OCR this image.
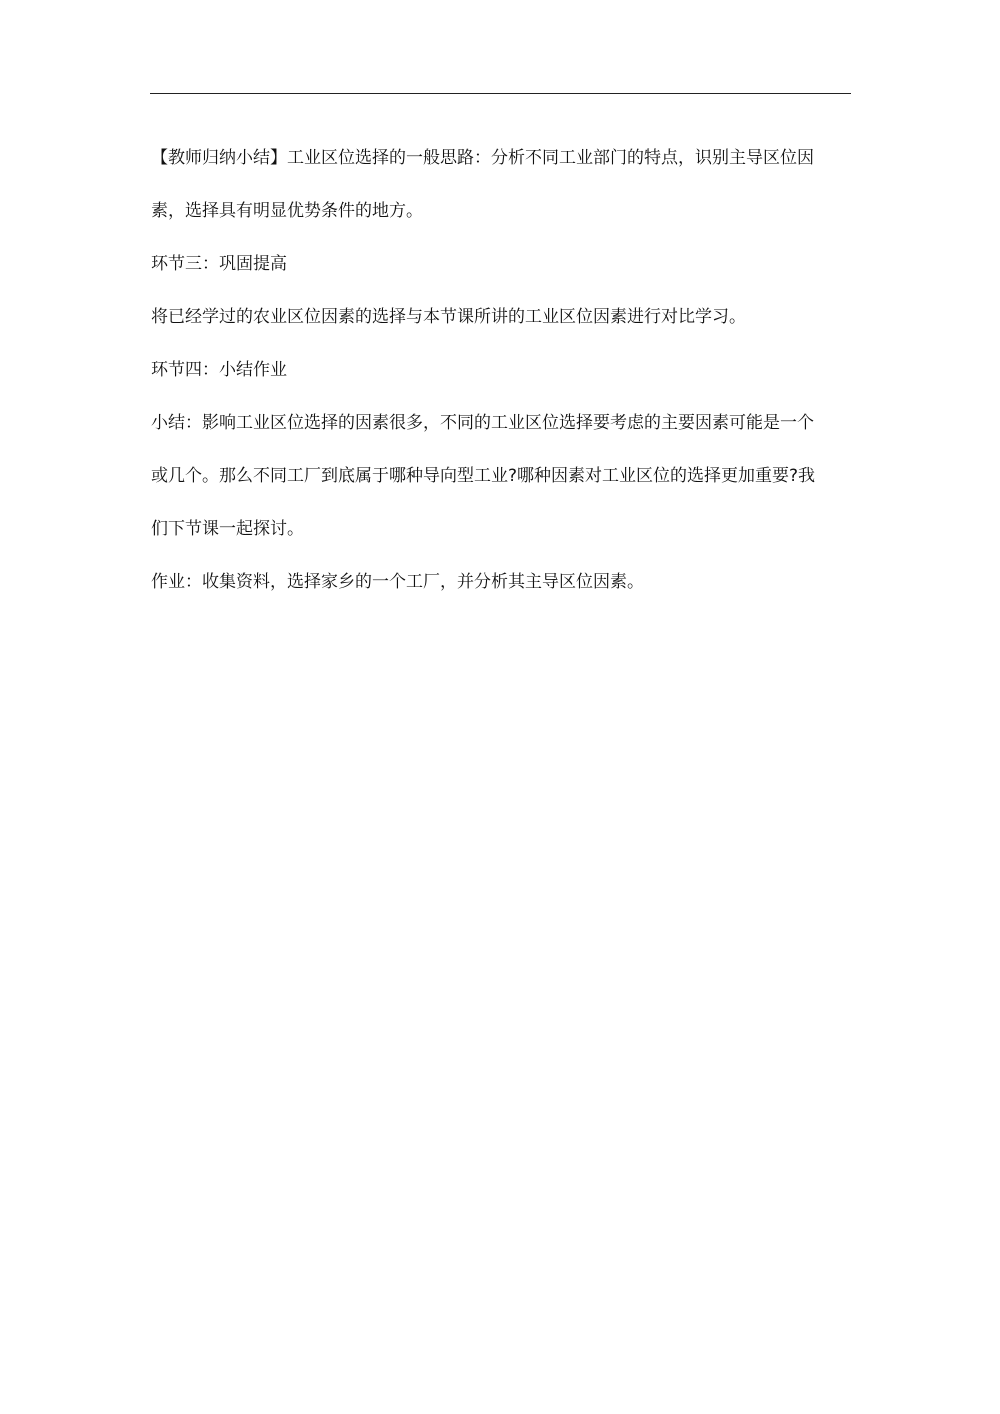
【教师归纳小结】工业区位选择的一般思路：分析不同工业部门的特点，识别主导区位因

素，选择具有明显优势条件的地方。

环节三：巩固提高

将已经学过的农业区位因素的选择与本节课所讲的工业区位因素进行对比学习。

环节四：小结作业

小结：影响工业区位选择的因素很多，不同的工业区位选择要考虑的主要因素可能是一个

或几个。那么不同工厂到底属于哪种导向型工业?哪种因素对工业区位的选择更加重要?我

们下节课一起探讨。

作业：收集资料，选择家乡的一个工厂，并分析其主导区位因素。
